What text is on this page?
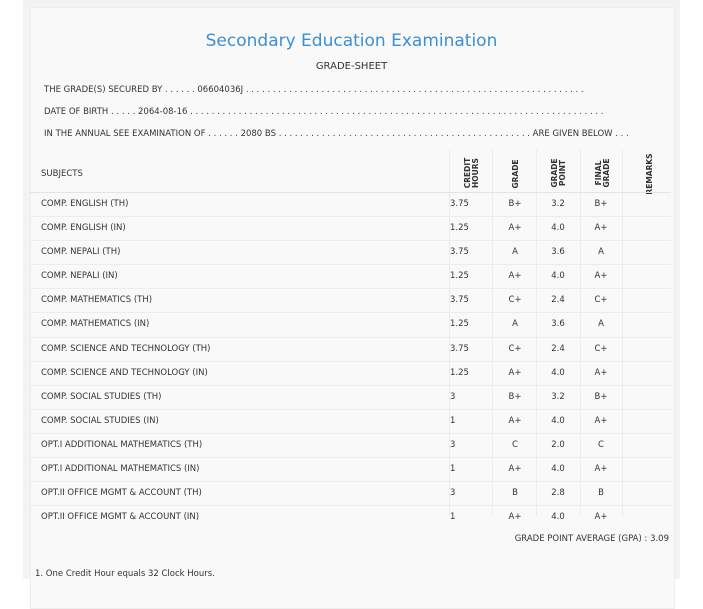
Secondary Education Examination
GRADE-SHEET
THE GRADE(S) SECURED BY . . . . . . 06604036J . . . . . . . . . . . . . . . . . . . . . . . . . . . . . . . . . . . . . . . . . . . . . . . . . . . . . . . . . . . . . . .
DATE OF BIRTH . . . . . 2064-08-16 . . . . . . . . . . . . . . . . . . . . . . . . . . . . . . . . . . . . . . . . . . . . . . . . . . . . . . . . . . . . . . . . . . . . . . . . . . . . .
IN THE ANNUAL SEE EXAMINATION OF . . . . . . 2080 BS . . . . . . . . . . . . . . . . . . . . . . . . . . . . . . . . . . . . . . . . . . . . . . . ARE GIVEN BELOW . . .
SUBJECTS	CREDIT HOURS	GRADE	GRADE POINT	FINAL GRADE	REMARKS
COMP. ENGLISH (TH)	3.75	B+	3.2	B+
COMP. ENGLISH (IN)	1.25	A+	4.0	A+
COMP. NEPALI (TH)	3.75	A	3.6	A
COMP. NEPALI (IN)	1.25	A+	4.0	A+
COMP. MATHEMATICS (TH)	3.75	C+	2.4	C+
COMP. MATHEMATICS (IN)	1.25	A	3.6	A
COMP. SCIENCE AND TECHNOLOGY (TH)	3.75	C+	2.4	C+
COMP. SCIENCE AND TECHNOLOGY (IN)	1.25	A+	4.0	A+
COMP. SOCIAL STUDIES (TH)	3	B+	3.2	B+
COMP. SOCIAL STUDIES (IN)	1	A+	4.0	A+
OPT.I ADDITIONAL MATHEMATICS (TH)	3	C	2.0	C
OPT.I ADDITIONAL MATHEMATICS (IN)	1	A+	4.0	A+
OPT.II OFFICE MGMT & ACCOUNT (TH)	3	B	2.8	B
OPT.II OFFICE MGMT & ACCOUNT (IN)	1	A+	4.0	A+
GRADE POINT AVERAGE (GPA) : 3.09
1. One Credit Hour equals 32 Clock Hours.
